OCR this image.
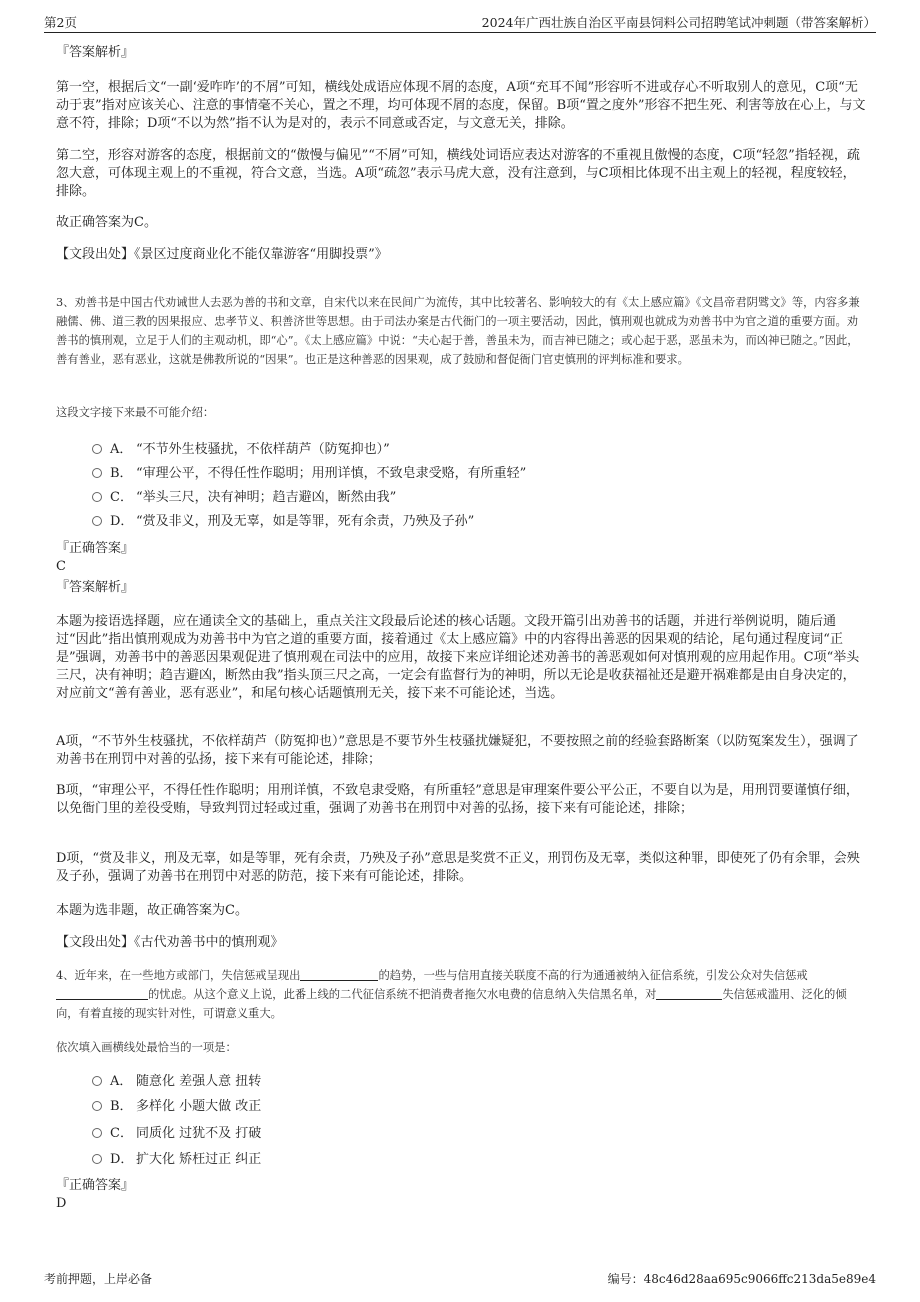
第2页	2024年广西壮族自治区平南县饲料公司招聘笔试冲刺题（带答案解析）
『答案解析』

第一空，根据后文“一副‘爱咋咋’的不屑”可知，横线处成语应体现不屑的态度，A项“充耳不闻”形容听不进或存心不听取别人的意见，C项“无动于衷”指对应该关心、注意的事情毫不关心，置之不理，均可体现不屑的态度，保留。B项“置之度外”形容不把生死、利害等放在心上，与文意不符，排除；D项“不以为然”指不认为是对的，表示不同意或否定，与文意无关，排除。

第二空，形容对游客的态度，根据前文的“傲慢与偏见”“不屑”可知，横线处词语应表达对游客的不重视且傲慢的态度，C项“轻忽”指轻视，疏忽大意，可体现主观上的不重视，符合文意，当选。A项“疏忽”表示马虎大意，没有注意到，与C项相比体现不出主观上的轻视，程度较轻，排除。

故正确答案为C。

【文段出处】《景区过度商业化不能仅靠游客“用脚投票”》

3、劝善书是中国古代劝诫世人去恶为善的书和文章，自宋代以来在民间广为流传，其中比较著名、影响较大的有《太上感应篇》《文昌帝君阴骘文》等，内容多兼融儒、佛、道三教的因果报应、忠孝节义、积善济世等思想。由于司法办案是古代衙门的一项主要活动，因此，慎刑观也就成为劝善书中为官之道的重要方面。劝善书的慎刑观，立足于人们的主观动机，即“心”。《太上感应篇》中说：“夫心起于善，善虽未为，而吉神已随之；或心起于恶，恶虽未为，而凶神已随之。”因此，善有善业，恶有恶业，这就是佛教所说的“因果”。也正是这种善恶的因果观，成了鼓励和督促衙门官吏慎刑的评判标准和要求。

这段文字接下来最不可能介绍：

A． “不节外生枝骚扰，不依样葫芦（防冤抑也）”
B． “审理公平，不得任性作聪明；用刑详慎，不致皂隶受赂，有所重轻”
C． “举头三尺，决有神明；趋吉避凶，断然由我”
D． “赏及非义，刑及无辜，如是等罪，死有余责，乃殃及子孙”
『正确答案』
C
『答案解析』

本题为接语选择题，应在通读全文的基础上，重点关注文段最后论述的核心话题。文段开篇引出劝善书的话题，并进行举例说明，随后通过“因此”指出慎刑观成为劝善书中为官之道的重要方面，接着通过《太上感应篇》中的内容得出善恶的因果观的结论，尾句通过程度词“正是”强调，劝善书中的善恶因果观促进了慎刑观在司法中的应用，故接下来应详细论述劝善书的善恶观如何对慎刑观的应用起作用。C项“举头三尺，决有神明；趋吉避凶，断然由我”指头顶三尺之高，一定会有监督行为的神明，所以无论是收获福祉还是避开祸难都是由自身决定的，对应前文“善有善业，恶有恶业”，和尾句核心话题慎刑无关，接下来不可能论述，当选。

A项，“不节外生枝骚扰，不依样葫芦（防冤抑也）”意思是不要节外生枝骚扰嫌疑犯，不要按照之前的经验套路断案（以防冤案发生），强调了劝善书在刑罚中对善的弘扬，接下来有可能论述，排除；

B项，“审理公平，不得任性作聪明；用刑详慎，不致皂隶受赂，有所重轻”意思是审理案件要公平公正，不要自以为是，用刑罚要谨慎仔细，以免衙门里的差役受贿，导致判罚过轻或过重，强调了劝善书在刑罚中对善的弘扬，接下来有可能论述，排除；

D项，“赏及非义，刑及无辜，如是等罪，死有余责，乃殃及子孙”意思是奖赏不正义，刑罚伤及无辜，类似这种罪，即使死了仍有余罪，会殃及子孙，强调了劝善书在刑罚中对恶的防范，接下来有可能论述，排除。

本题为选非题，故正确答案为C。

【文段出处】《古代劝善书中的慎刑观》

4、近年来，在一些地方或部门，失信惩戒呈现出	的趋势，一些与信用直接关联度不高的行为通通被纳入征信系统，引发公众对失信惩戒的忧虑。从这个意义上说，此番上线的二代征信系统不把消费者拖欠水电费的信息纳入失信黑名单，对	失信惩戒滥用、泛化的倾向，有着直接的现实针对性，可谓意义重大。

依次填入画横线处最恰当的一项是：

A． 随意化 差强人意 扭转
B． 多样化 小题大做 改正
C． 同质化 过犹不及 打破
D． 扩大化 矫枉过正 纠正
『正确答案』
D
考前押题，上岸必备	编号：48c46d28aa695c9066ffc213da5e89e4
